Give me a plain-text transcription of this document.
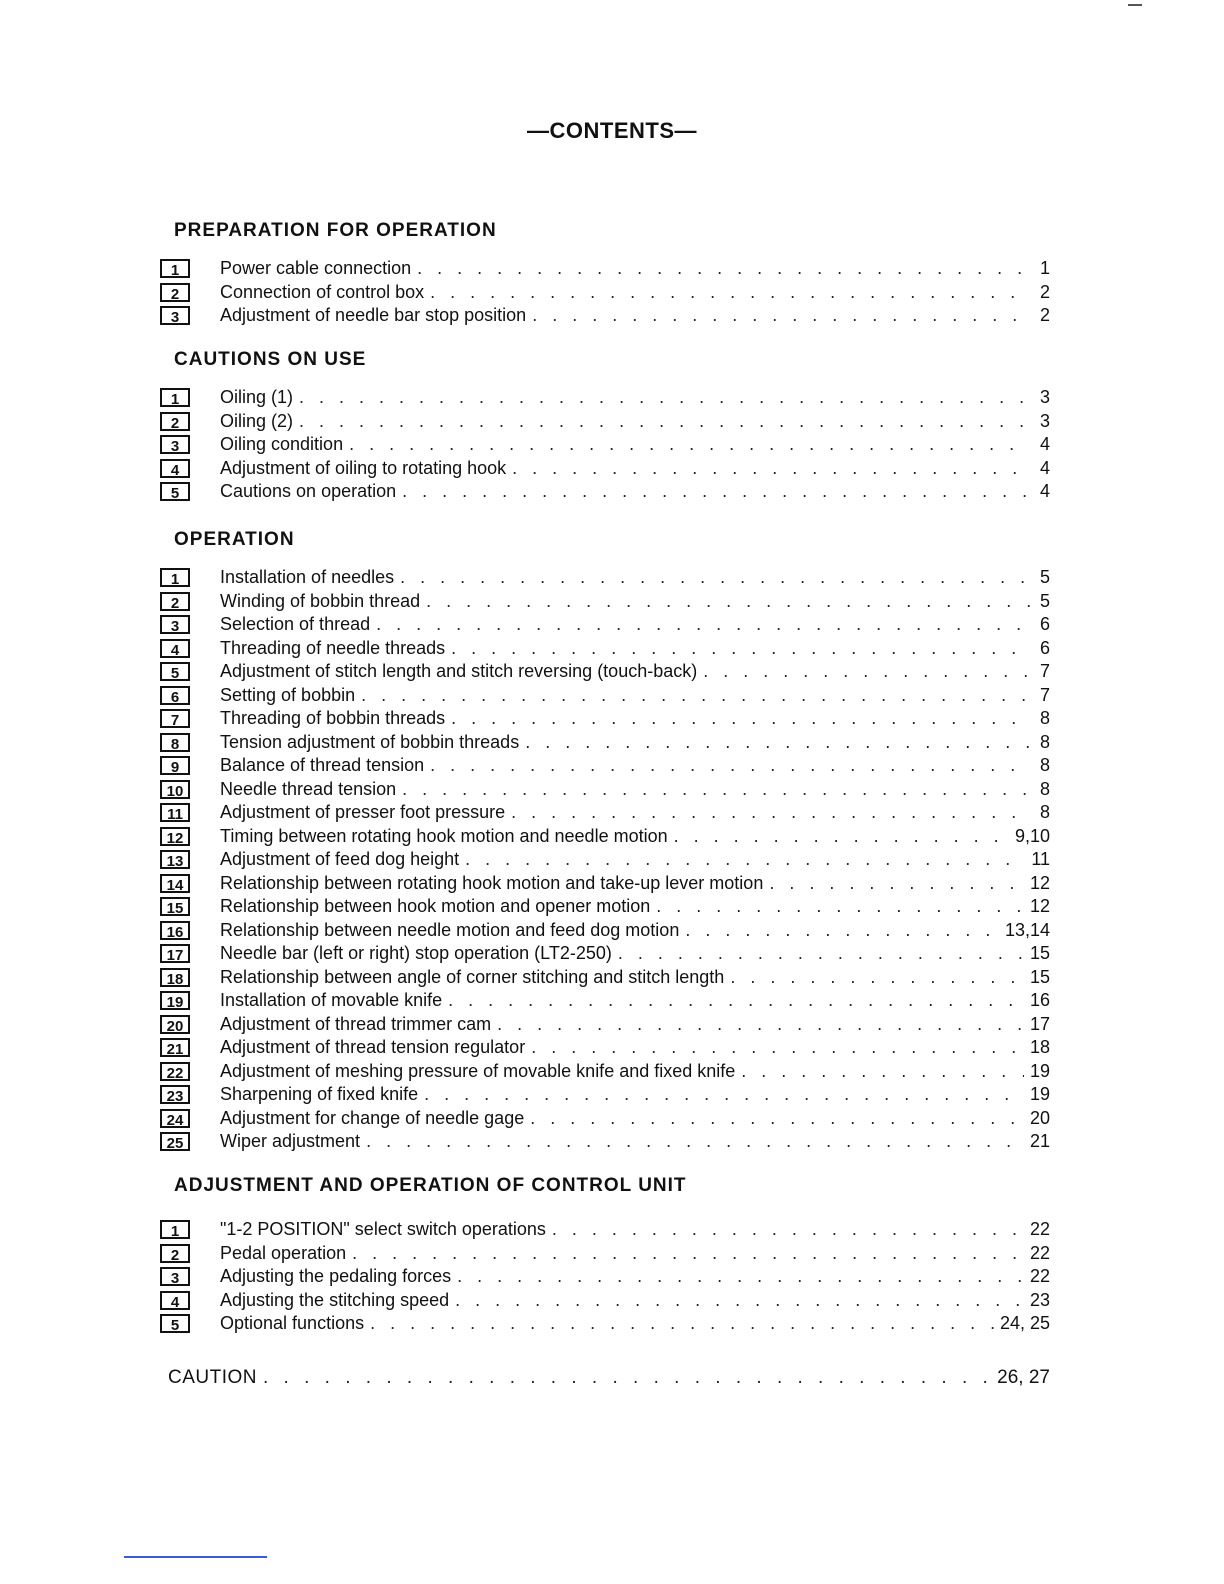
—CONTENTS—
PREPARATION FOR OPERATION
1	Power cable connection . . .	1
2	Connection of control box . . .	2
3	Adjustment of needle bar stop position . . .	2
CAUTIONS ON USE
1	Oiling (1) . . .	3
2	Oiling (2) . . .	3
3	Oiling condition . . .	4
4	Adjustment of oiling to rotating hook . . .	4
5	Cautions on operation . . .	4
OPERATION
1	Installation of needles . . .	5
2	Winding of bobbin thread . . .	5
3	Selection of thread . . .	6
4	Threading of needle threads . . .	6
5	Adjustment of stitch length and stitch reversing (touch-back) . . .	7
6	Setting of bobbin . . .	7
7	Threading of bobbin threads . . .	8
8	Tension adjustment of bobbin threads . . .	8
9	Balance of thread tension . . .	8
10	Needle thread tension . . .	8
11	Adjustment of presser foot pressure . . .	8
12	Timing between rotating hook motion and needle motion . . .	9,10
13	Adjustment of feed dog height . . .	11
14	Relationship between rotating hook motion and take-up lever motion . . .	12
15	Relationship between hook motion and opener motion . . .	12
16	Relationship between needle motion and feed dog motion . . .	13,14
17	Needle bar (left or right) stop operation (LT2-250) . . .	15
18	Relationship between angle of corner stitching and stitch length . . .	15
19	Installation of movable knife . . .	16
20	Adjustment of thread trimmer cam . . .	17
21	Adjustment of thread tension regulator . . .	18
22	Adjustment of meshing pressure of movable knife and fixed knife . . .	19
23	Sharpening of fixed knife . . .	19
24	Adjustment for change of needle gage . . .	20
25	Wiper adjustment . . .	21
ADJUSTMENT AND OPERATION OF CONTROL UNIT
1	"1-2 POSITION" select switch operations . . .	22
2	Pedal operation . . .	22
3	Adjusting the pedaling forces . . .	22
4	Adjusting the stitching speed . . .	23
5	Optional functions . . .	24, 25
CAUTION . . .	26, 27
